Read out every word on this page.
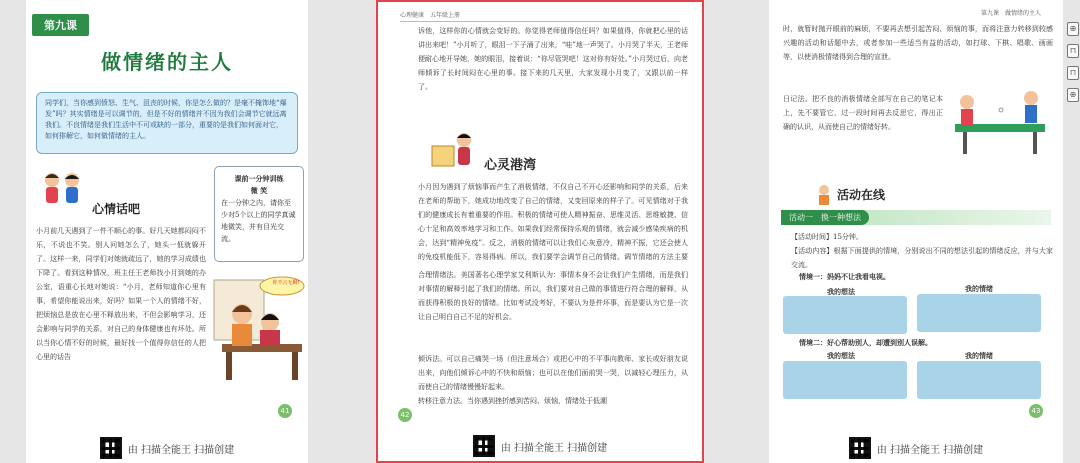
第九课
做情绪的主人
同学们，当你感到愤怒、生气、沮丧的时候，你是怎么做的？是毫不掩饰地“爆发”吗？其实情绪是可以调节的，但是不好的情绪并不因为我们会调节它就远离我们。不良情绪是我们生活中不可或缺的一部分，重要的是我们如何面对它，如何排解它，如何做情绪的主人。
心情话吧
课前一分钟训练
微 笑
在一分钟之内，请你至少对5个以上的同学真诚地微笑，并有目光交流。
小月前几天遇到了一件不顺心的事。好几天她都闷闷不乐，不说也不笑。别人问她怎么了，她头一低就躲开了。这样一来，同学们对她就疏远了，她的学习成绩也下降了。看到这种情况，班主任王老师找小月到她的办公室，语重心长地对她说：“小月，老师知道你心里有事，希望你能说出来，好吗？如果一个人的情绪不好，把烦恼总是放在心里不释放出来，不但会影响学习，还会影响与同学的关系，对自己的身体健康也有坏处。所以当你心情不好的时候，最好找一个值得你信任的人把心里的话告
你不言无聊!
41
由 扫描全能王 扫描创建
心理健康　五年级上册
诉他，这样你的心情就会变好的。你觉得老师值得信任吗？如果值得，你就把心里的话讲出来吧！”小月听了，眼泪一下子涌了出来，“哇”地一声哭了。小月哭了半天，王老师便耐心地开导她，她的眼泪，接着说：“你尽管哭吧！这对你有好处。”小月哭过后，向老师倾诉了长时间闷在心里的事。接下来的几天里，大家发现小月变了，又跟以前一样了。
心灵港湾
小月因为遇到了烦恼事而产生了消极情绪，不仅自己不开心还影响和同学的关系，后来在老师的帮助下，她成功地改变了自己的情绪，又变回原来的样子了。可见情绪对于我们的健康成长有着重要的作用。积极的情绪可使人精神振奋、思维灵活、思维敏捷、信心十足和高效率地学习和工作。如果我们经常保持乐观的情绪，就会减少感染疾病的机会，达到“精神免疫”。反之，消极的情绪可以让我们心灰意冷，精神不振，它还会使人的免疫机能低下，容易得病。所以，我们要学会调节自己的情绪。调节情绪的方法主要
合理情绪法。美国著名心理学家艾利斯认为：事情本身不会让我们产生情绪，而是我们对事情的解释引起了我们的情绪。所以，我们要对自己做的事情进行符合理的解释，从而获得积极的良好的情绪。比如考试没考好，不要认为是件坏事，而是要认为它是一次让自己明白自己不足的好机会。
倾诉法。可以自己痛哭一场（但注意场合）或把心中的不平事向教师、家长或好朋友说出来，向他们倾诉心中的不快和烦恼；也可以在他们面前哭一哭，以减轻心理压力，从而使自己的情绪慢慢好起来。
转移注意力法。当你遇到挫折感到苦闷、烦恼，情绪处于低潮
42
由 扫描全能王 扫描创建
第九课　做情绪的主人
时，就暂时抛开眼前的麻烦，不要再去想引起苦闷、烦恼的事，而将注意力转移到较感兴趣的活动和话题中去，或者参加一些适当有益的活动，如打球、下棋、唱歌、画画等，以使消极情绪得到合理的宣泄。
日记法。把不良的消极情绪全部写在自己的笔记本上，先不要管它，过一段时间再去反思它，得出正确的认识，从而使自己的情绪好转。
活动在线
活动一　换一种想法
【活动时间】15分钟。
【活动内容】根据下面提供的情境，分别说出不同的想法引起的情绪反应，并与大家交流。
情境一：妈妈不让我看电视。
我的想法	我的情绪
情境二：好心帮助别人，却遭到别人误解。
我的想法	我的情绪
43
由 扫描全能王 扫描创建
⊕
⊓
⊓
⊕
